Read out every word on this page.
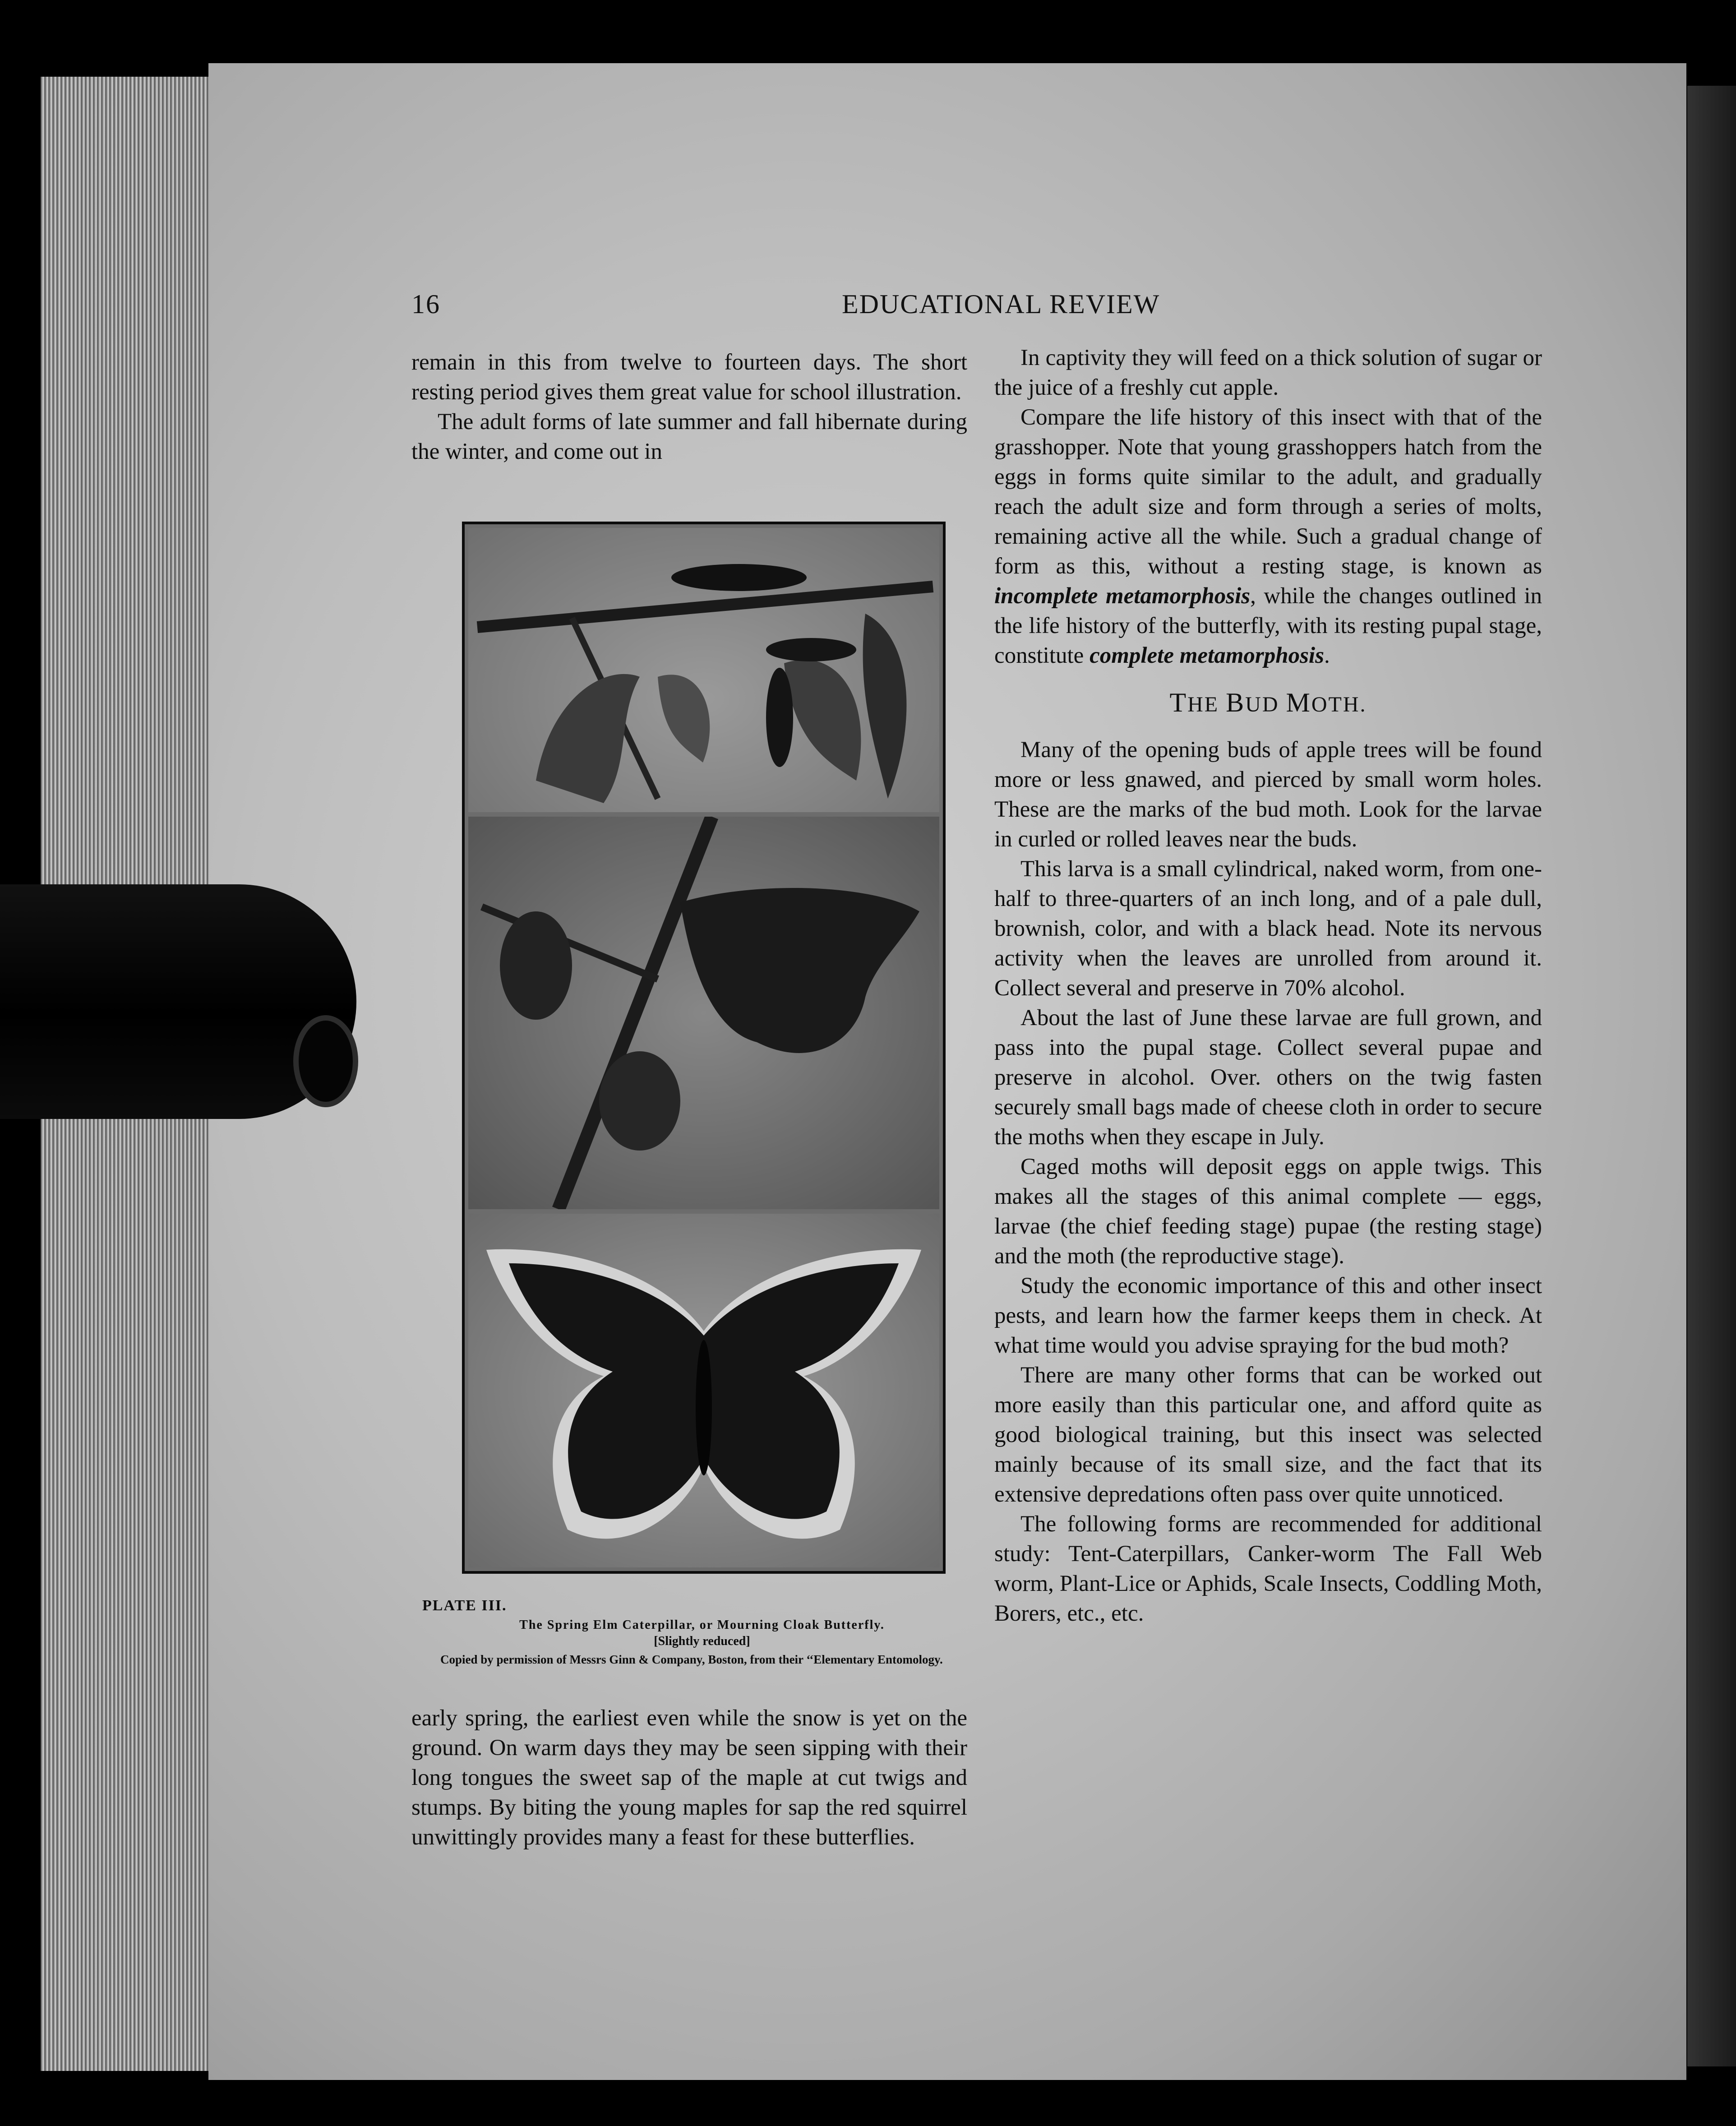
16	EDUCATIONAL REVIEW

remain in this from twelve to fourteen days. The short resting period gives them great value for school illustration.

The adult forms of late summer and fall hibernate during the winter, and come out in

PLATE III.
The Spring Elm Caterpillar, or Mourning Cloak Butterfly.
[Slightly reduced]
Copied by permission of Messrs Ginn & Company, Boston, from their ‘‘Elementary Entomology.

early spring, the earliest even while the snow is yet on the ground. On warm days they may be seen sipping with their long tongues the sweet sap of the maple at cut twigs and stumps. By biting the young maples for sap the red squirrel unwittingly provides many a feast for these butterflies.

In captivity they will feed on a thick solution of sugar or the juice of a freshly cut apple.

Compare the life history of this insect with that of the grasshopper. Note that young grasshoppers hatch from the eggs in forms quite similar to the adult, and gradually reach the adult size and form through a series of molts, remaining active all the while. Such a gradual change of form as this, without a resting stage, is known as incomplete metamorphosis, while the changes outlined in the life history of the butterfly, with its resting pupal stage, constitute complete metamorphosis.

THE BUD MOTH.

Many of the opening buds of apple trees will be found more or less gnawed, and pierced by small worm holes. These are the marks of the bud moth. Look for the larvae in curled or rolled leaves near the buds.

This larva is a small cylindrical, naked worm, from one-half to three-quarters of an inch long, and of a pale dull, brownish, color, and with a black head. Note its nervous activity when the leaves are unrolled from around it. Collect several and preserve in 70% alcohol.

About the last of June these larvae are full grown, and pass into the pupal stage. Collect several pupae and preserve in alcohol. Over. others on the twig fasten securely small bags made of cheese cloth in order to secure the moths when they escape in July.

Caged moths will deposit eggs on apple twigs. This makes all the stages of this animal complete — eggs, larvae (the chief feeding stage) pupae (the resting stage) and the moth (the reproductive stage).

Study the economic importance of this and other insect pests, and learn how the farmer keeps them in check. At what time would you advise spraying for the bud moth?

There are many other forms that can be worked out more easily than this particular one, and afford quite as good biological training, but this insect was selected mainly because of its small size, and the fact that its extensive depredations often pass over quite unnoticed.

The following forms are recommended for additional study: Tent-Caterpillars, Canker-worm The Fall Web worm, Plant-Lice or Aphids, Scale Insects, Coddling Moth, Borers, etc., etc.
